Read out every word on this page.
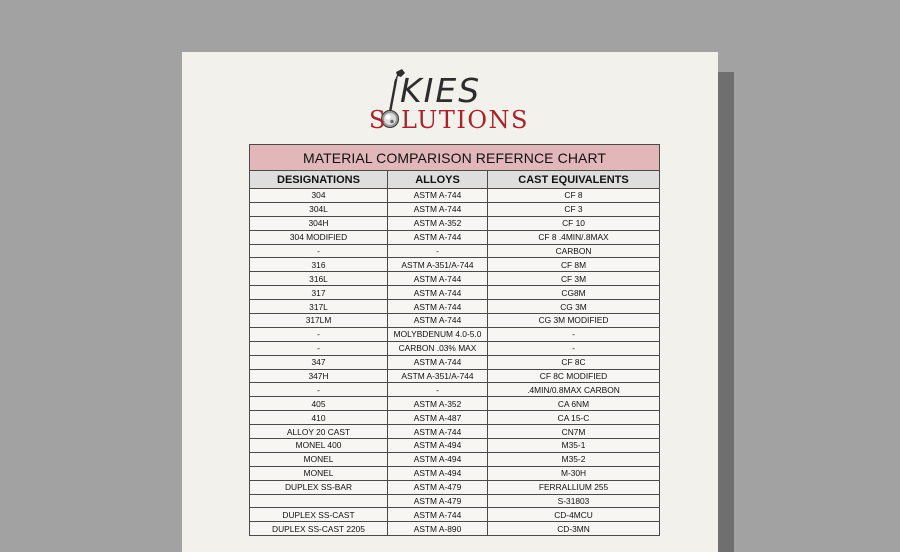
KIES
S LUTIONS
MATERIAL COMPARISON REFERNCE CHART		
DESIGNATIONS	ALLOYS	CAST EQUIVALENTS
304	ASTM A-744	CF 8
304L	ASTM A-744	CF 3
304H	ASTM A-352	CF 10
304 MODIFIED	ASTM A-744	CF 8 .4MIN/.8MAX
-	-	CARBON
316	ASTM A-351/A-744	CF 8M
316L	ASTM A-744	CF 3M
317	ASTM A-744	CG8M
317L	ASTM A-744	CG 3M
317LM	ASTM A-744	CG 3M MODIFIED
-	MOLYBDENUM 4.0-5.0	-
-	CARBON .03% MAX	-
347	ASTM A-744	CF 8C
347H	ASTM A-351/A-744	CF 8C MODIFIED
-	-	.4MIN/0.8MAX CARBON
405	ASTM A-352	CA 6NM
410	ASTM A-487	CA 15-C
ALLOY 20 CAST	ASTM A-744	CN7M
MONEL 400	ASTM A-494	M35-1
MONEL	ASTM A-494	M35-2
MONEL	ASTM A-494	M-30H
DUPLEX SS-BAR	ASTM A-479	FERRALLIUM 255
	ASTM A-479	S-31803
DUPLEX SS-CAST	ASTM A-744	CD-4MCU
DUPLEX SS-CAST 2205	ASTM A-890	CD-3MN
